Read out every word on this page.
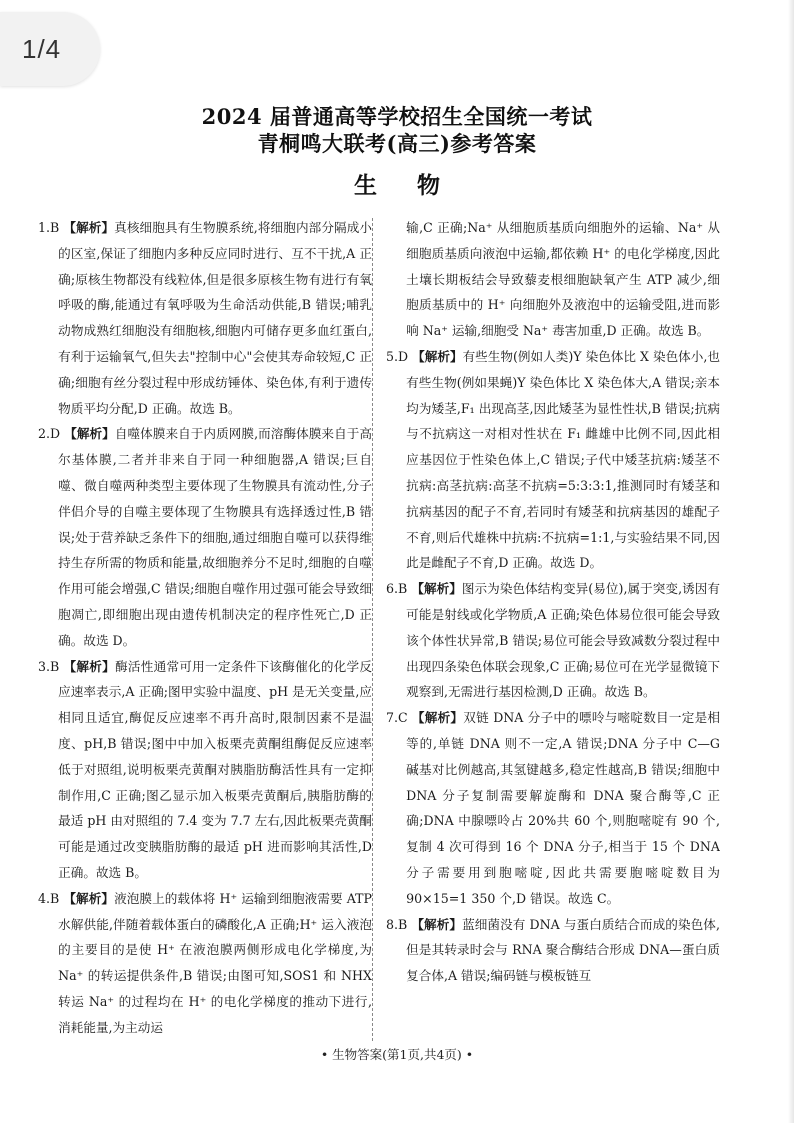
1/4
2024 届普通高等学校招生全国统一考试
青桐鸣大联考(高三)参考答案
生 物

1.B 【解析】真核细胞具有生物膜系统,将细胞内部分隔成小的区室,保证了细胞内多种反应同时进行、互不干扰,A 正确;原核生物都没有线粒体,但是很多原核生物有进行有氧呼吸的酶,能通过有氧呼吸为生命活动供能,B 错误;哺乳动物成熟红细胞没有细胞核,细胞内可储存更多血红蛋白,有利于运输氧气,但失去"控制中心"会使其寿命较短,C 正确;细胞有丝分裂过程中形成纺锤体、染色体,有利于遗传物质平均分配,D 正确。故选 B。

2.D 【解析】自噬体膜来自于内质网膜,而溶酶体膜来自于高尔基体膜,二者并非来自于同一种细胞器,A 错误;巨自噬、微自噬两种类型主要体现了生物膜具有流动性,分子伴侣介导的自噬主要体现了生物膜具有选择透过性,B 错误;处于营养缺乏条件下的细胞,通过细胞自噬可以获得维持生存所需的物质和能量,故细胞养分不足时,细胞的自噬作用可能会增强,C 错误;细胞自噬作用过强可能会导致细胞凋亡,即细胞出现由遗传机制决定的程序性死亡,D 正确。故选 D。

3.B 【解析】酶活性通常可用一定条件下该酶催化的化学反应速率表示,A 正确;图甲实验中温度、pH 是无关变量,应相同且适宜,酶促反应速率不再升高时,限制因素不是温度、pH,B 错误;图中中加入板栗壳黄酮组酶促反应速率低于对照组,说明板栗壳黄酮对胰脂肪酶活性具有一定抑制作用,C 正确;图乙显示加入板栗壳黄酮后,胰脂肪酶的最适 pH 由对照组的 7.4 变为 7.7 左右,因此板栗壳黄酮可能是通过改变胰脂肪酶的最适 pH 进而影响其活性,D 正确。故选 B。

4.B 【解析】液泡膜上的载体将 H⁺ 运输到细胞液需要 ATP 水解供能,伴随着载体蛋白的磷酸化,A 正确;H⁺ 运入液泡的主要目的是使 H⁺ 在液泡膜两侧形成电化学梯度,为 Na⁺ 的转运提供条件,B 错误;由图可知,SOS1 和 NHX 转运 Na⁺ 的过程均在 H⁺ 的电化学梯度的推动下进行,消耗能量,为主动运

输,C 正确;Na⁺ 从细胞质基质向细胞外的运输、Na⁺ 从细胞质基质向液泡中运输,都依赖 H⁺ 的电化学梯度,因此土壤长期板结会导致藜麦根细胞缺氧产生 ATP 减少,细胞质基质中的 H⁺ 向细胞外及液泡中的运输受阻,进而影响 Na⁺ 运输,细胞受 Na⁺ 毒害加重,D 正确。故选 B。

5.D 【解析】有些生物(例如人类)Y 染色体比 X 染色体小,也有些生物(例如果蝇)Y 染色体比 X 染色体大,A 错误;亲本均为矮茎,F₁ 出现高茎,因此矮茎为显性性状,B 错误;抗病与不抗病这一对相对性状在 F₁ 雌雄中比例不同,因此相应基因位于性染色体上,C 错误;子代中矮茎抗病:矮茎不抗病:高茎抗病:高茎不抗病=5:3:3:1,推测同时有矮茎和抗病基因的配子不育,若同时有矮茎和抗病基因的雄配子不育,则后代雄株中抗病:不抗病=1:1,与实验结果不同,因此是雌配子不育,D 正确。故选 D。

6.B 【解析】图示为染色体结构变异(易位),属于突变,诱因有可能是射线或化学物质,A 正确;染色体易位很可能会导致该个体性状异常,B 错误;易位可能会导致减数分裂过程中出现四条染色体联会现象,C 正确;易位可在光学显微镜下观察到,无需进行基因检测,D 正确。故选 B。

7.C 【解析】双链 DNA 分子中的嘌呤与嘧啶数目一定是相等的,单链 DNA 则不一定,A 错误;DNA 分子中 C—G 碱基对比例越高,其氢键越多,稳定性越高,B 错误;细胞中 DNA 分子复制需要解旋酶和 DNA 聚合酶等,C 正确;DNA 中腺嘌呤占 20%共 60 个,则胞嘧啶有 90 个,复制 4 次可得到 16 个 DNA 分子,相当于 15 个 DNA 分子需要用到胞嘧啶,因此共需要胞嘧啶数目为 90×15=1 350 个,D 错误。故选 C。

8.B 【解析】蓝细菌没有 DNA 与蛋白质结合而成的染色体,但是其转录时会与 RNA 聚合酶结合形成 DNA—蛋白质复合体,A 错误;编码链与模板链互

• 生物答案(第1页,共4页) •
